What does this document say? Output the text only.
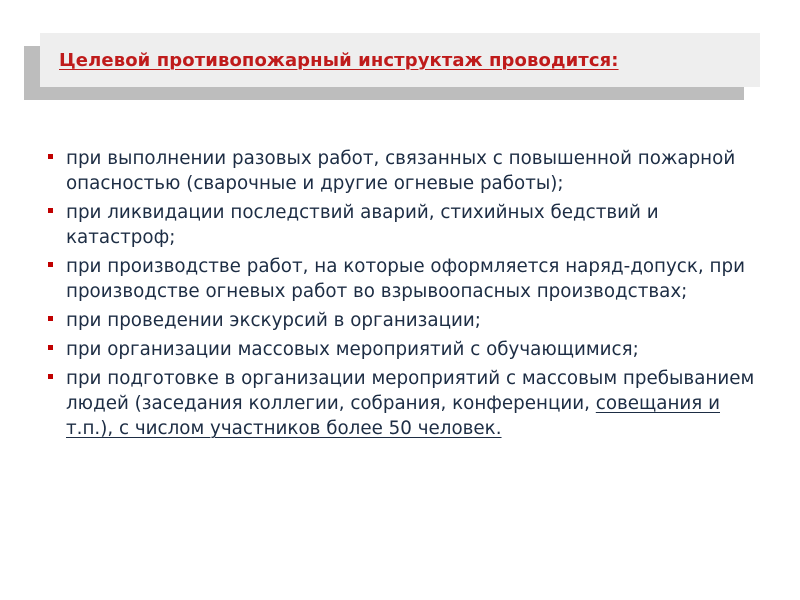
Целевой противопожарный инструктаж проводится:
при выполнении разовых работ, связанных с повышенной пожарной опасностью (сварочные и другие огневые работы);
при ликвидации последствий аварий, стихийных бедствий и катастроф;
при производстве работ, на которые оформляется наряд-допуск, при производстве огневых работ во взрывоопасных производствах;
при проведении экскурсий в организации;
при организации массовых мероприятий с обучающимися;
при подготовке в организации мероприятий с массовым пребыванием людей (заседания коллегии, собрания, конференции, совещания и т.п.), с числом участников более 50 человек.
